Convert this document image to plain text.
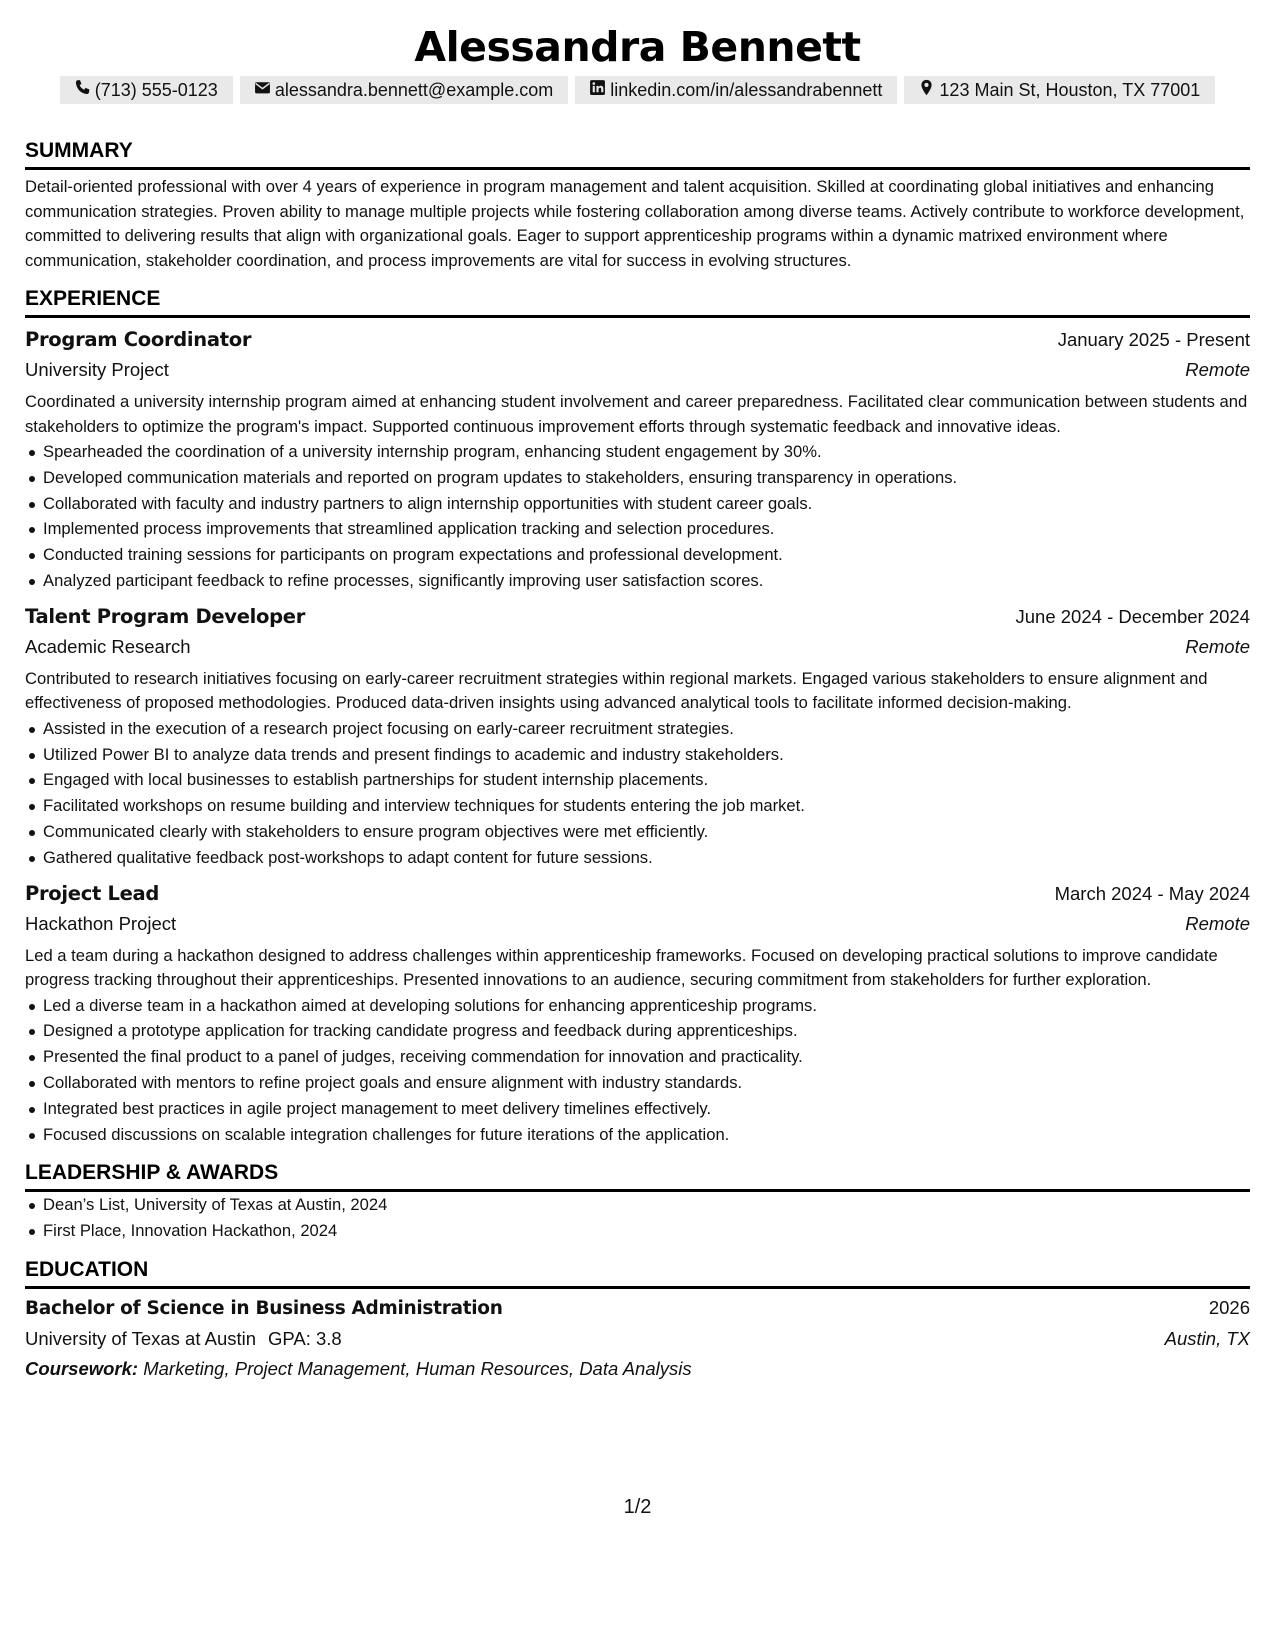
Alessandra Bennett
(713) 555-0123	alessandra.bennett@example.com	linkedin.com/in/alessandrabennett	123 Main St, Houston, TX 77001
SUMMARY
Detail-oriented professional with over 4 years of experience in program management and talent acquisition. Skilled at coordinating global initiatives and enhancing communication strategies. Proven ability to manage multiple projects while fostering collaboration among diverse teams. Actively contribute to workforce development, committed to delivering results that align with organizational goals. Eager to support apprenticeship programs within a dynamic matrixed environment where communication, stakeholder coordination, and process improvements are vital for success in evolving structures.
EXPERIENCE
Program Coordinator	January 2025 - Present
University Project	Remote
Coordinated a university internship program aimed at enhancing student involvement and career preparedness. Facilitated clear communication between students and stakeholders to optimize the program's impact. Supported continuous improvement efforts through systematic feedback and innovative ideas.
Spearheaded the coordination of a university internship program, enhancing student engagement by 30%.
Developed communication materials and reported on program updates to stakeholders, ensuring transparency in operations.
Collaborated with faculty and industry partners to align internship opportunities with student career goals.
Implemented process improvements that streamlined application tracking and selection procedures.
Conducted training sessions for participants on program expectations and professional development.
Analyzed participant feedback to refine processes, significantly improving user satisfaction scores.
Talent Program Developer	June 2024 - December 2024
Academic Research	Remote
Contributed to research initiatives focusing on early-career recruitment strategies within regional markets. Engaged various stakeholders to ensure alignment and effectiveness of proposed methodologies. Produced data-driven insights using advanced analytical tools to facilitate informed decision-making.
Assisted in the execution of a research project focusing on early-career recruitment strategies.
Utilized Power BI to analyze data trends and present findings to academic and industry stakeholders.
Engaged with local businesses to establish partnerships for student internship placements.
Facilitated workshops on resume building and interview techniques for students entering the job market.
Communicated clearly with stakeholders to ensure program objectives were met efficiently.
Gathered qualitative feedback post-workshops to adapt content for future sessions.
Project Lead	March 2024 - May 2024
Hackathon Project	Remote
Led a team during a hackathon designed to address challenges within apprenticeship frameworks. Focused on developing practical solutions to improve candidate progress tracking throughout their apprenticeships. Presented innovations to an audience, securing commitment from stakeholders for further exploration.
Led a diverse team in a hackathon aimed at developing solutions for enhancing apprenticeship programs.
Designed a prototype application for tracking candidate progress and feedback during apprenticeships.
Presented the final product to a panel of judges, receiving commendation for innovation and practicality.
Collaborated with mentors to refine project goals and ensure alignment with industry standards.
Integrated best practices in agile project management to meet delivery timelines effectively.
Focused discussions on scalable integration challenges for future iterations of the application.
LEADERSHIP & AWARDS
Dean’s List, University of Texas at Austin, 2024
First Place, Innovation Hackathon, 2024
EDUCATION
Bachelor of Science in Business Administration	2026
University of Texas at Austin GPA: 3.8	Austin, TX
Coursework: Marketing, Project Management, Human Resources, Data Analysis
1/2
